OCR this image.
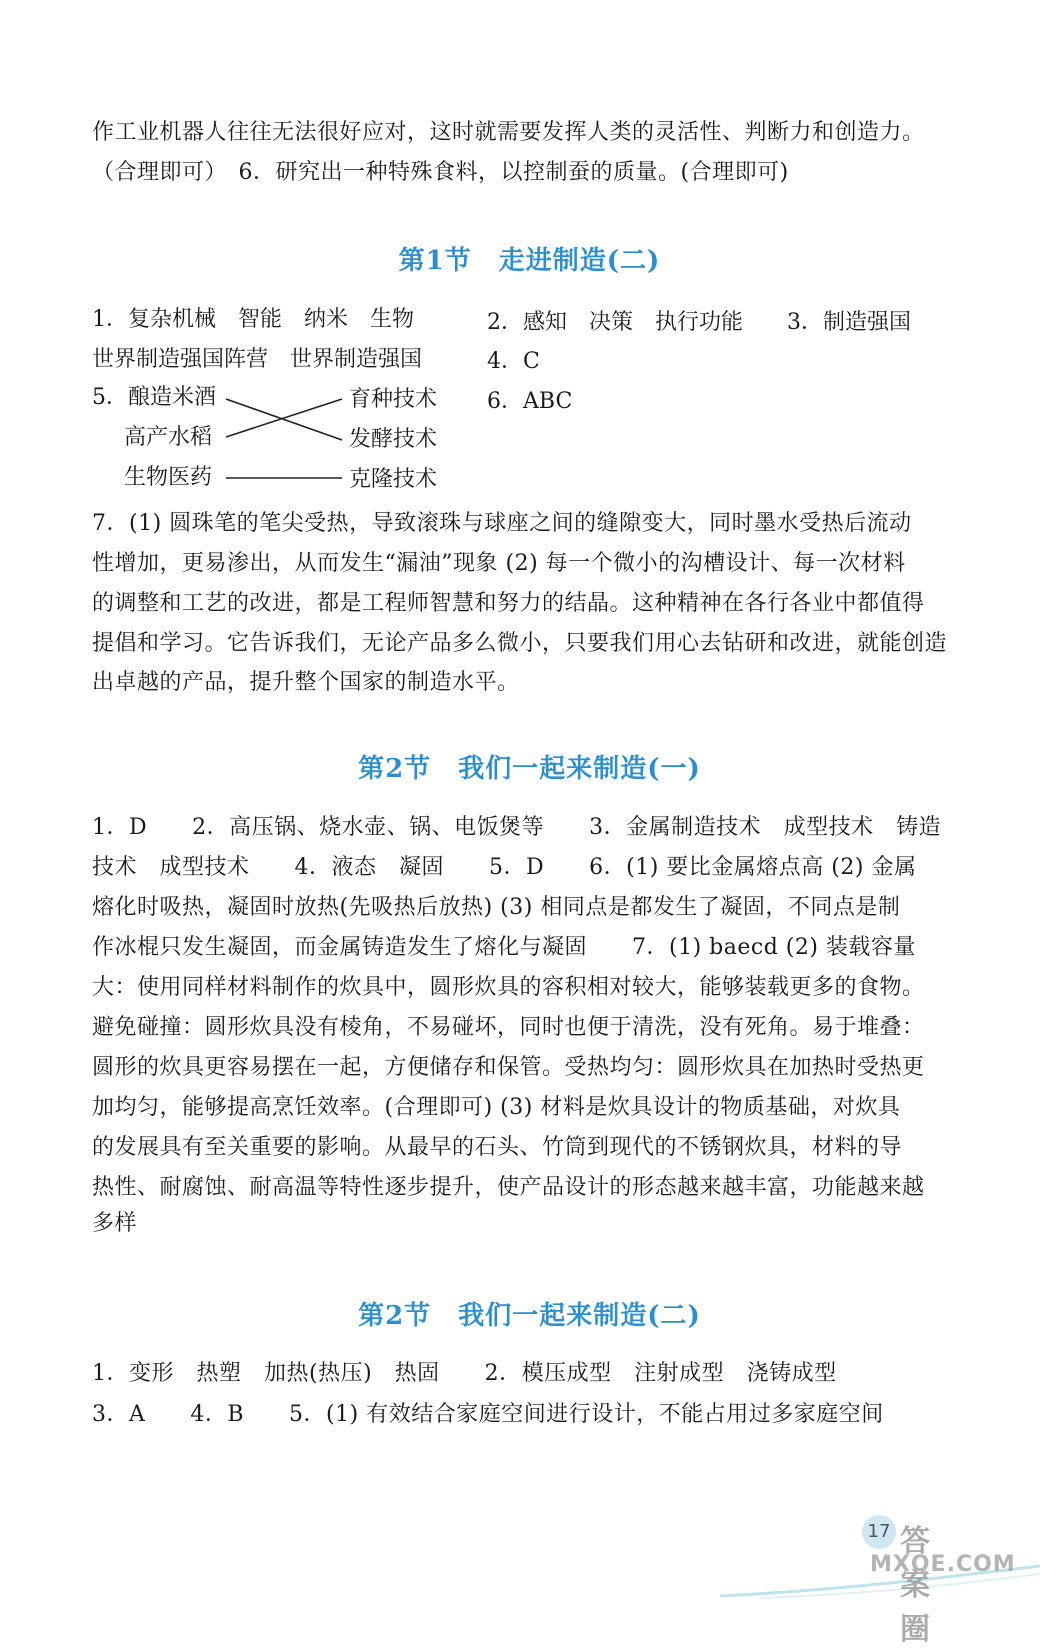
作工业机器人往往无法很好应对，这时就需要发挥人类的灵活性、判断力和创造力。
（合理即可）　6．研究出一种特殊食料，以控制蚕的质量。(合理即可)
第1节　走进制造(二)
1．复杂机械　智能　纳米　生物
世界制造强国阵营　世界制造强国
2．感知　决策　执行功能　　3．制造强国
4．C
5．酿造米酒
高产水稻
生物医药
育种技术
发酵技术
克隆技术
6．ABC
7．(1) 圆珠笔的笔尖受热，导致滚珠与球座之间的缝隙变大，同时墨水受热后流动
性增加，更易渗出，从而发生“漏油”现象 (2) 每一个微小的沟槽设计、每一次材料
的调整和工艺的改进，都是工程师智慧和努力的结晶。这种精神在各行各业中都值得
提倡和学习。它告诉我们，无论产品多么微小，只要我们用心去钻研和改进，就能创造
出卓越的产品，提升整个国家的制造水平。
第2节　我们一起来制造(一)
1．D　　2．高压锅、烧水壶、锅、电饭煲等　　3．金属制造技术　成型技术　铸造
技术　成型技术　　4．液态　凝固　　5．D　　6．(1) 要比金属熔点高 (2) 金属
熔化时吸热，凝固时放热(先吸热后放热) (3) 相同点是都发生了凝固，不同点是制
作冰棍只发生凝固，而金属铸造发生了熔化与凝固　　7．(1) baecd (2) 装载容量
大：使用同样材料制作的炊具中，圆形炊具的容积相对较大，能够装载更多的食物。
避免碰撞：圆形炊具没有棱角，不易碰坏，同时也便于清洗，没有死角。易于堆叠：
圆形的炊具更容易摆在一起，方便储存和保管。受热均匀：圆形炊具在加热时受热更
加均匀，能够提高烹饪效率。(合理即可) (3) 材料是炊具设计的物质基础，对炊具
的发展具有至关重要的影响。从最早的石头、竹筒到现代的不锈钢炊具，材料的导
热性、耐腐蚀、耐高温等特性逐步提升，使产品设计的形态越来越丰富，功能越来越
多样
第2节　我们一起来制造(二)
1．变形　热塑　加热(热压)　热固　　2．模压成型　注射成型　浇铸成型
3．A　　4．B　　5．(1) 有效结合家庭空间进行设计，不能占用过多家庭空间
17 答案圈
MXQE.COM
